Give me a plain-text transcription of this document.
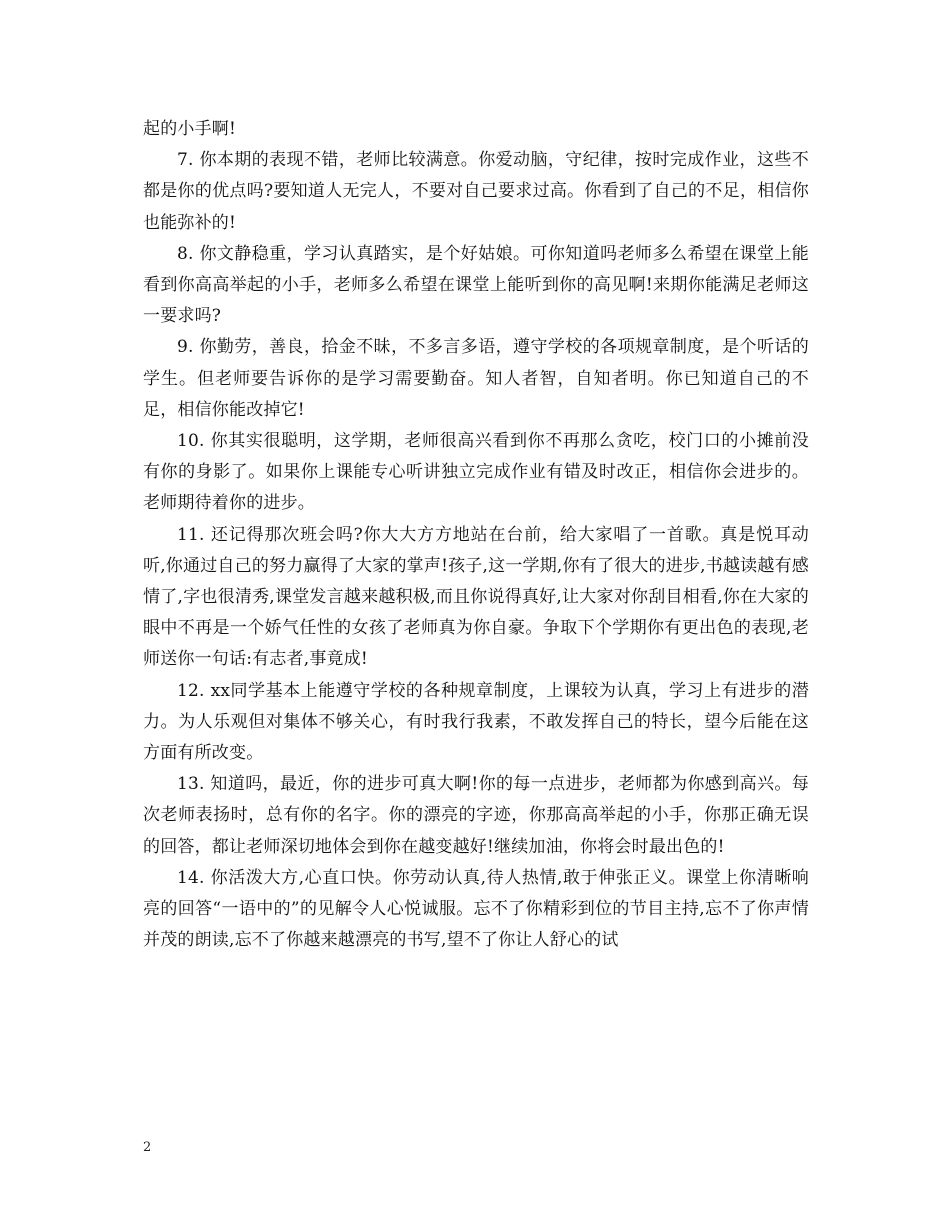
起的小手啊!

7. 你本期的表现不错，老师比较满意。你爱动脑，守纪律，按时完成作业，这些不都是你的优点吗?要知道人无完人，不要对自己要求过高。你看到了自己的不足，相信你也能弥补的!

8. 你文静稳重，学习认真踏实，是个好姑娘。可你知道吗老师多么希望在课堂上能看到你高高举起的小手，老师多么希望在课堂上能听到你的高见啊!来期你能满足老师这一要求吗?

9. 你勤劳，善良，拾金不昧，不多言多语，遵守学校的各项规章制度，是个听话的学生。但老师要告诉你的是学习需要勤奋。知人者智，自知者明。你已知道自己的不足，相信你能改掉它!

10. 你其实很聪明，这学期，老师很高兴看到你不再那么贪吃，校门口的小摊前没有你的身影了。如果你上课能专心听讲独立完成作业有错及时改正，相信你会进步的。老师期待着你的进步。

11. 还记得那次班会吗?你大大方方地站在台前，给大家唱了一首歌。真是悦耳动听,你通过自己的努力赢得了大家的掌声!孩子,这一学期,你有了很大的进步,书越读越有感情了,字也很清秀,课堂发言越来越积极,而且你说得真好,让大家对你刮目相看,你在大家的眼中不再是一个娇气任性的女孩了老师真为你自豪。争取下个学期你有更出色的表现,老师送你一句话:有志者,事竟成!

12. xx同学基本上能遵守学校的各种规章制度，上课较为认真，学习上有进步的潜力。为人乐观但对集体不够关心，有时我行我素，不敢发挥自己的特长，望今后能在这方面有所改变。

13. 知道吗，最近，你的进步可真大啊!你的每一点进步，老师都为你感到高兴。每次老师表扬时，总有你的名字。你的漂亮的字迹，你那高高举起的小手，你那正确无误的回答，都让老师深切地体会到你在越变越好!继续加油，你将会时最出色的!

14. 你活泼大方,心直口快。你劳动认真,待人热情,敢于伸张正义。课堂上你清晰响亮的回答“一语中的”的见解令人心悦诚服。忘不了你精彩到位的节目主持,忘不了你声情并茂的朗读,忘不了你越来越漂亮的书写,望不了你让人舒心的试

2
